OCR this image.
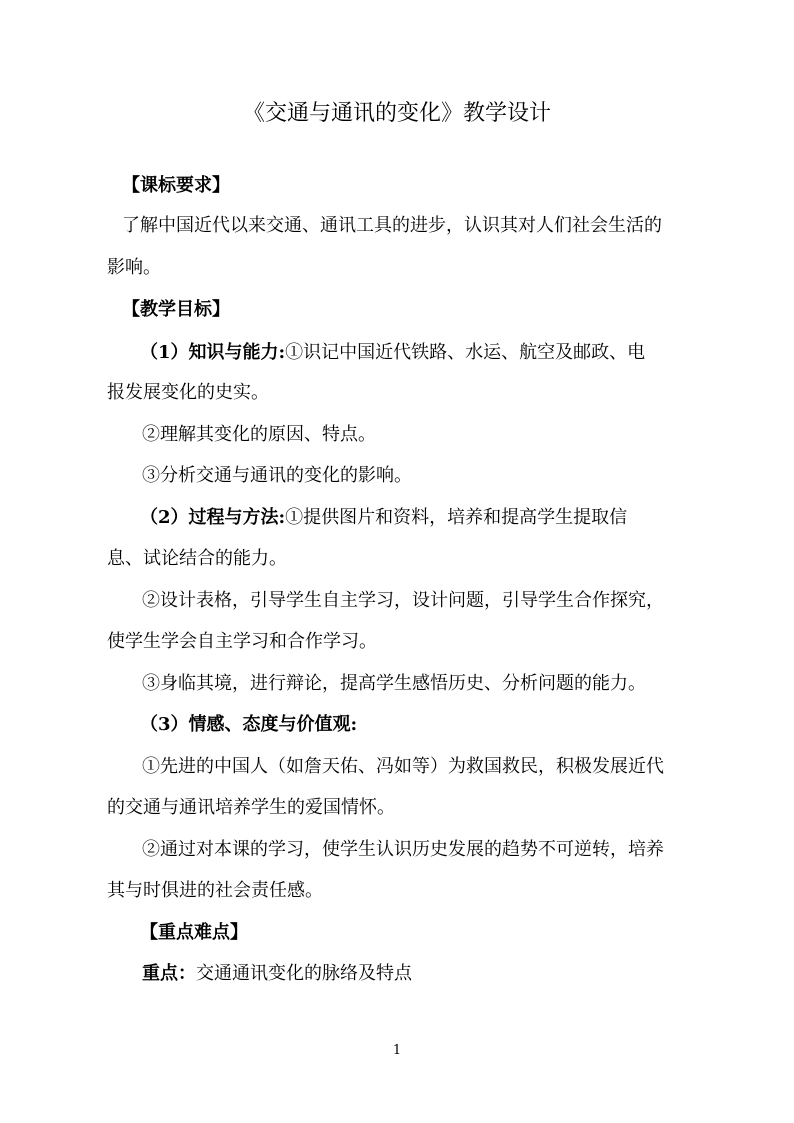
《交通与通讯的变化》教学设计
【课标要求】
了解中国近代以来交通、通讯工具的进步，认识其对人们社会生活的
影响。
【教学目标】
（1）知识与能力:①识记中国近代铁路、水运、航空及邮政、电
报发展变化的史实。
②理解其变化的原因、特点。
③分析交通与通讯的变化的影响。
（2）过程与方法:①提供图片和资料，培养和提高学生提取信
息、试论结合的能力。
②设计表格，引导学生自主学习，设计问题，引导学生合作探究，
使学生学会自主学习和合作学习。
③身临其境，进行辩论，提高学生感悟历史、分析问题的能力。
（3）情感、态度与价值观:
①先进的中国人（如詹天佑、冯如等）为救国救民，积极发展近代
的交通与通讯培养学生的爱国情怀。
②通过对本课的学习，使学生认识历史发展的趋势不可逆转，培养
其与时俱进的社会责任感。
【重点难点】
重点：交通通讯变化的脉络及特点
1
